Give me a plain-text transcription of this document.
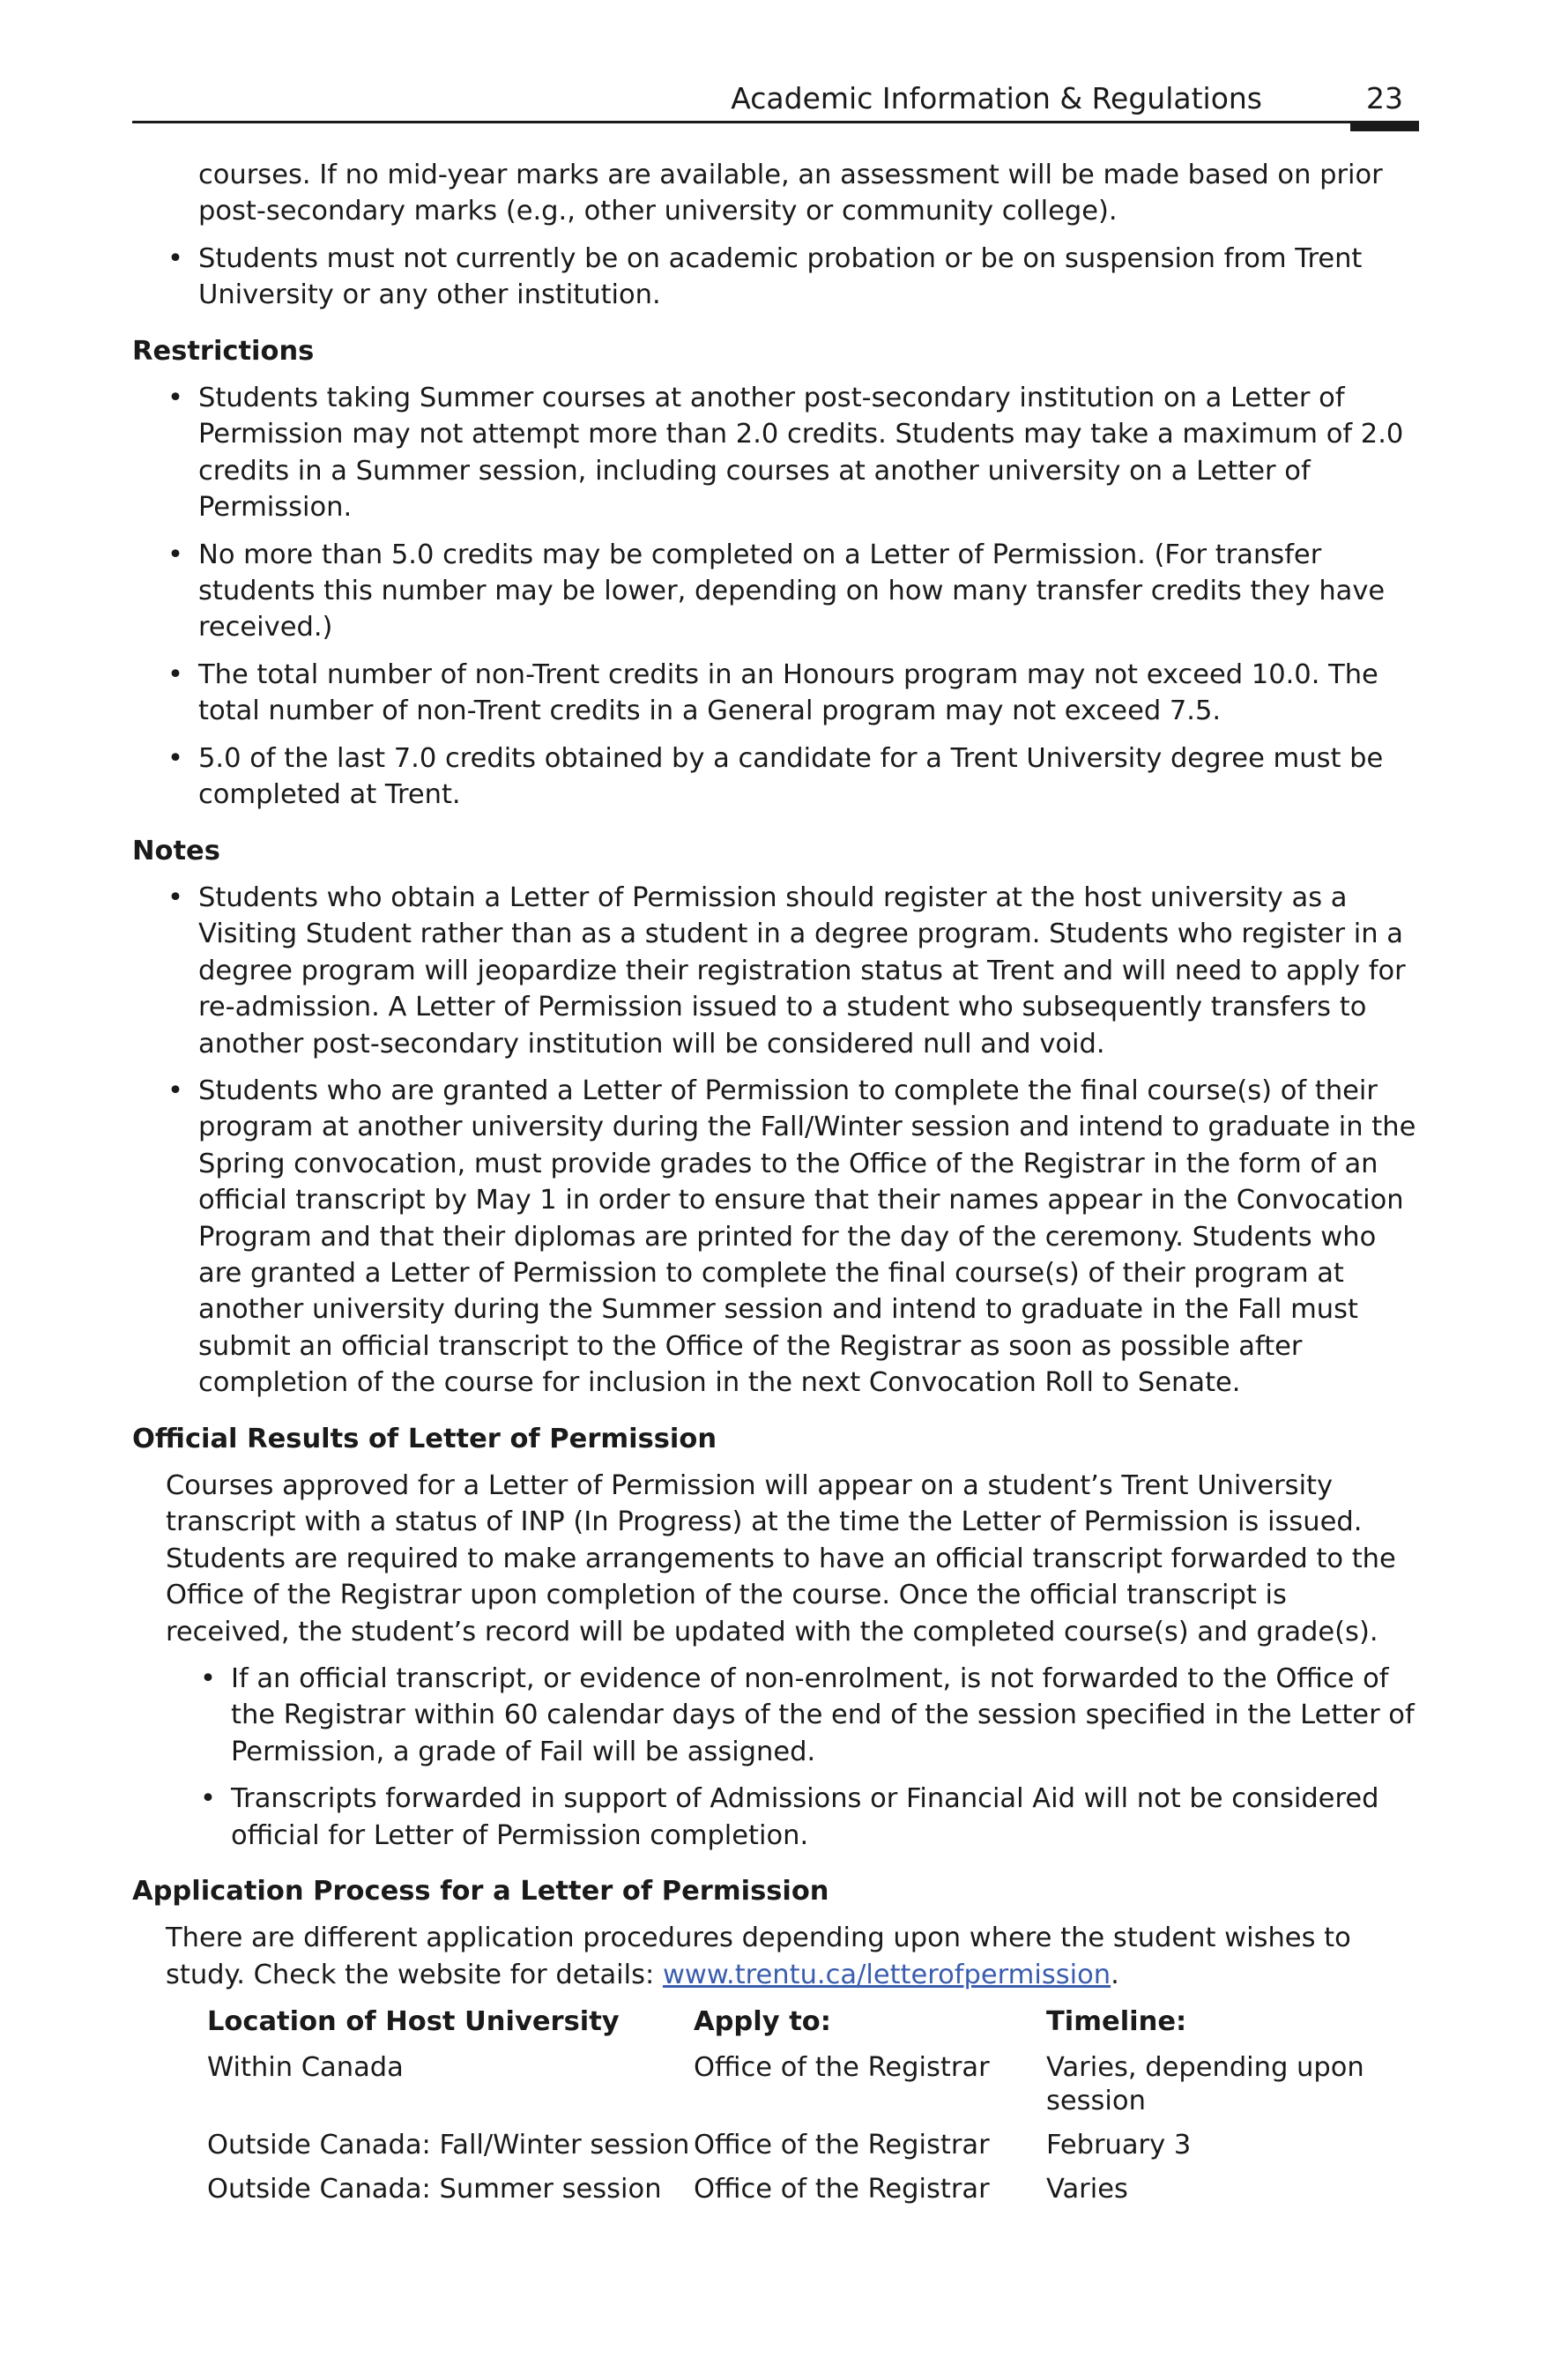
Academic Information & Regulations	23

courses. If no mid-year marks are available, an assessment will be made based on prior post-secondary marks (e.g., other university or community college).

• Students must not currently be on academic probation or be on suspension from Trent University or any other institution.
Restrictions
• Students taking Summer courses at another post-secondary institution on a Letter of Permission may not attempt more than 2.0 credits. Students may take a maximum of 2.0 credits in a Summer session, including courses at another university on a Letter of Permission.
• No more than 5.0 credits may be completed on a Letter of Permission. (For transfer students this number may be lower, depending on how many transfer credits they have received.)
• The total number of non-Trent credits in an Honours program may not exceed 10.0. The total number of non-Trent credits in a General program may not exceed 7.5.
• 5.0 of the last 7.0 credits obtained by a candidate for a Trent University degree must be completed at Trent.
Notes
• Students who obtain a Letter of Permission should register at the host university as a Visiting Student rather than as a student in a degree program. Students who register in a degree program will jeopardize their registration status at Trent and will need to apply for re-admission. A Letter of Permission issued to a student who subsequently transfers to another post-secondary institution will be considered null and void.
• Students who are granted a Letter of Permission to complete the final course(s) of their program at another university during the Fall/Winter session and intend to graduate in the Spring convocation, must provide grades to the Office of the Registrar in the form of an official transcript by May 1 in order to ensure that their names appear in the Convocation Program and that their diplomas are printed for the day of the ceremony. Students who are granted a Letter of Permission to complete the final course(s) of their program at another university during the Summer session and intend to graduate in the Fall must submit an official transcript to the Office of the Registrar as soon as possible after completion of the course for inclusion in the next Convocation Roll to Senate.
Official Results of Letter of Permission

Courses approved for a Letter of Permission will appear on a student’s Trent University transcript with a status of INP (In Progress) at the time the Letter of Permission is issued. Students are required to make arrangements to have an official transcript forwarded to the Office of the Registrar upon completion of the course. Once the official transcript is received, the student’s record will be updated with the completed course(s) and grade(s).

• If an official transcript, or evidence of non-enrolment, is not forwarded to the Office of the Registrar within 60 calendar days of the end of the session specified in the Letter of Permission, a grade of Fail will be assigned.
• Transcripts forwarded in support of Admissions or Financial Aid will not be considered official for Letter of Permission completion.
Application Process for a Letter of Permission

There are different application procedures depending upon where the student wishes to study. Check the website for details: www.trentu.ca/letterofpermission.

Location of Host University	Apply to:	Timeline:
Within Canada	Office of the Registrar	Varies, depending upon session
Outside Canada: Fall/Winter session	Office of the Registrar	February 3
Outside Canada: Summer session	Office of the Registrar	Varies
